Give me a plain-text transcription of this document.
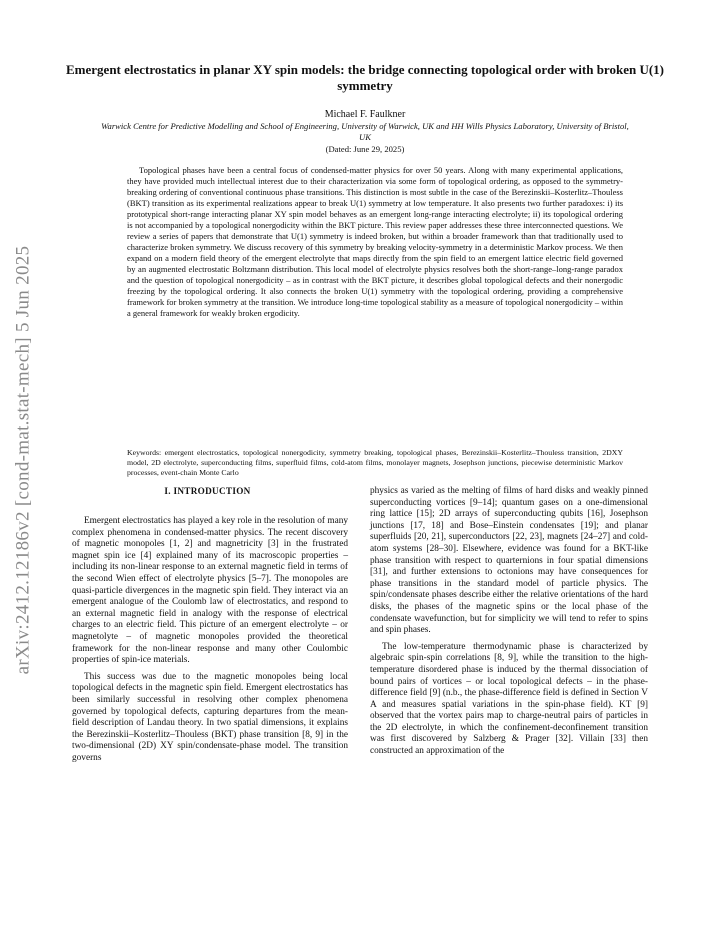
arXiv:2412.12186v2 [cond-mat.stat-mech] 5 Jun 2025
Emergent electrostatics in planar XY spin models: the bridge connecting topological order with broken U(1) symmetry
Michael F. Faulkner
Warwick Centre for Predictive Modelling and School of Engineering, University of Warwick, UK and HH Wills Physics Laboratory, University of Bristol, UK
(Dated: June 29, 2025)

Topological phases have been a central focus of condensed-matter physics for over 50 years. Along with many experimental applications, they have provided much intellectual interest due to their characterization via some form of topological ordering, as opposed to the symmetry-breaking ordering of conventional continuous phase transitions. This distinction is most subtle in the case of the Berezinskii–Kosterlitz–Thouless (BKT) transition as its experimental realizations appear to break U(1) symmetry at low temperature. It also presents two further paradoxes: i) its prototypical short-range interacting planar XY spin model behaves as an emergent long-range interacting electrolyte; ii) its topological ordering is not accompanied by a topological nonergodicity within the BKT picture. This review paper addresses these three interconnected questions. We review a series of papers that demonstrate that U(1) symmetry is indeed broken, but within a broader framework than that traditionally used to characterize broken symmetry. We discuss recovery of this symmetry by breaking velocity-symmetry in a deterministic Markov process. We then expand on a modern field theory of the emergent electrolyte that maps directly from the spin field to an emergent lattice electric field governed by an augmented electrostatic Boltzmann distribution. This local model of electrolyte physics resolves both the short-range–long-range paradox and the question of topological nonergodicity – as in contrast with the BKT picture, it describes global topological defects and their nonergodic freezing by the topological ordering. It also connects the broken U(1) symmetry with the topological ordering, providing a comprehensive framework for broken symmetry at the transition. We introduce long-time topological stability as a measure of topological nonergodicity – within a general framework for weakly broken ergodicity.

Keywords: emergent electrostatics, topological nonergodicity, symmetry breaking, topological phases, Berezinskii–Kosterlitz–Thouless transition, 2DXY model, 2D electrolyte, superconducting films, superfluid films, cold-atom films, monolayer magnets, Josephson junctions, piecewise deterministic Markov processes, event-chain Monte Carlo

I. INTRODUCTION

Emergent electrostatics has played a key role in the resolution of many complex phenomena in condensed-matter physics. The recent discovery of magnetic monopoles [1, 2] and magnetricity [3] in the frustrated magnet spin ice [4] explained many of its macroscopic properties – including its non-linear response to an external magnetic field in terms of the second Wien effect of electrolyte physics [5–7]. The monopoles are quasi-particle divergences in the magnetic spin field. They interact via an emergent analogue of the Coulomb law of electrostatics, and respond to an external magnetic field in analogy with the response of electrical charges to an electric field. This picture of an emergent electrolyte – or magnetolyte – of magnetic monopoles provided the theoretical framework for the non-linear response and many other Coulombic properties of spin-ice materials.

This success was due to the magnetic monopoles being local topological defects in the magnetic spin field. Emergent electrostatics has been similarly successful in resolving other complex phenomena governed by topological defects, capturing departures from the mean-field description of Landau theory. In two spatial dimensions, it explains the Berezinskii–Kosterlitz–Thouless (BKT) phase transition [8, 9] in the two-dimensional (2D) XY spin/condensate-phase model. The transition governs

physics as varied as the melting of films of hard disks and weakly pinned superconducting vortices [9–14]; quantum gases on a one-dimensional ring lattice [15]; 2D arrays of superconducting qubits [16], Josephson junctions [17, 18] and Bose–Einstein condensates [19]; and planar superfluids [20, 21], superconductors [22, 23], magnets [24–27] and cold-atom systems [28–30]. Elsewhere, evidence was found for a BKT-like phase transition with respect to quarternions in four spatial dimensions [31], and further extensions to octonions may have consequences for phase transitions in the standard model of particle physics. The spin/condensate phases describe either the relative orientations of the hard disks, the phases of the magnetic spins or the local phase of the condensate wavefunction, but for simplicity we will tend to refer to spins and spin phases.

The low-temperature thermodynamic phase is characterized by algebraic spin-spin correlations [8, 9], while the transition to the high-temperature disordered phase is induced by the thermal dissociation of bound pairs of vortices – or local topological defects – in the phase-difference field [9] (n.b., the phase-difference field is defined in Section V A and measures spatial variations in the spin-phase field). KT [9] observed that the vortex pairs map to charge-neutral pairs of particles in the 2D electrolyte, in which the confinement-deconfinement transition was first discovered by Salzberg & Prager [32]. Villain [33] then constructed an approximation of the
